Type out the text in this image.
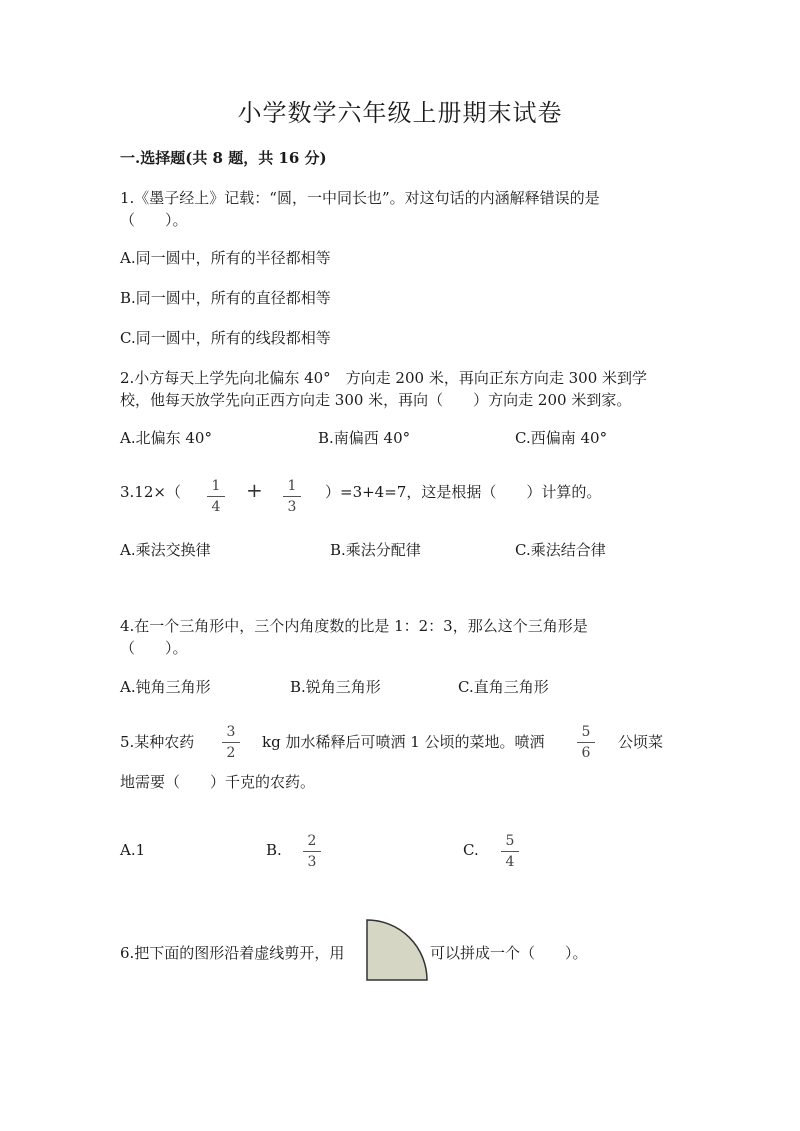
小学数学六年级上册期末试卷
一.选择题(共 8 题，共 16 分)
1.《墨子经上》记载：“圆，一中同长也”。对这句话的内涵解释错误的是
（　　）。
A.同一圆中，所有的半径都相等
B.同一圆中，所有的直径都相等
C.同一圆中，所有的线段都相等
2.小方每天上学先向北偏东 40°　方向走 200 米，再向正东方向走 300 米到学
校，他每天放学先向正西方向走 300 米，再向（　　）方向走 200 米到家。
A.北偏东 40°	B.南偏西 40°	C.西偏南 40°
3.12×（	1
4
+	1
3
）=3+4=7，这是根据（　　）计算的。
A.乘法交换律	B.乘法分配律	C.乘法结合律
4.在一个三角形中，三个内角度数的比是 1：2：3，那么这个三角形是
（　　）。
A.钝角三角形	B.锐角三角形	C.直角三角形
5.某种农药
3
2
kg 加水稀释后可喷洒 1 公顷的菜地。喷洒
5
6
公顷菜
地需要（　　）千克的农药。
A.1	B.	2
3
C.	5
4
6.把下面的图形沿着虚线剪开，用	可以拼成一个（　　）。
